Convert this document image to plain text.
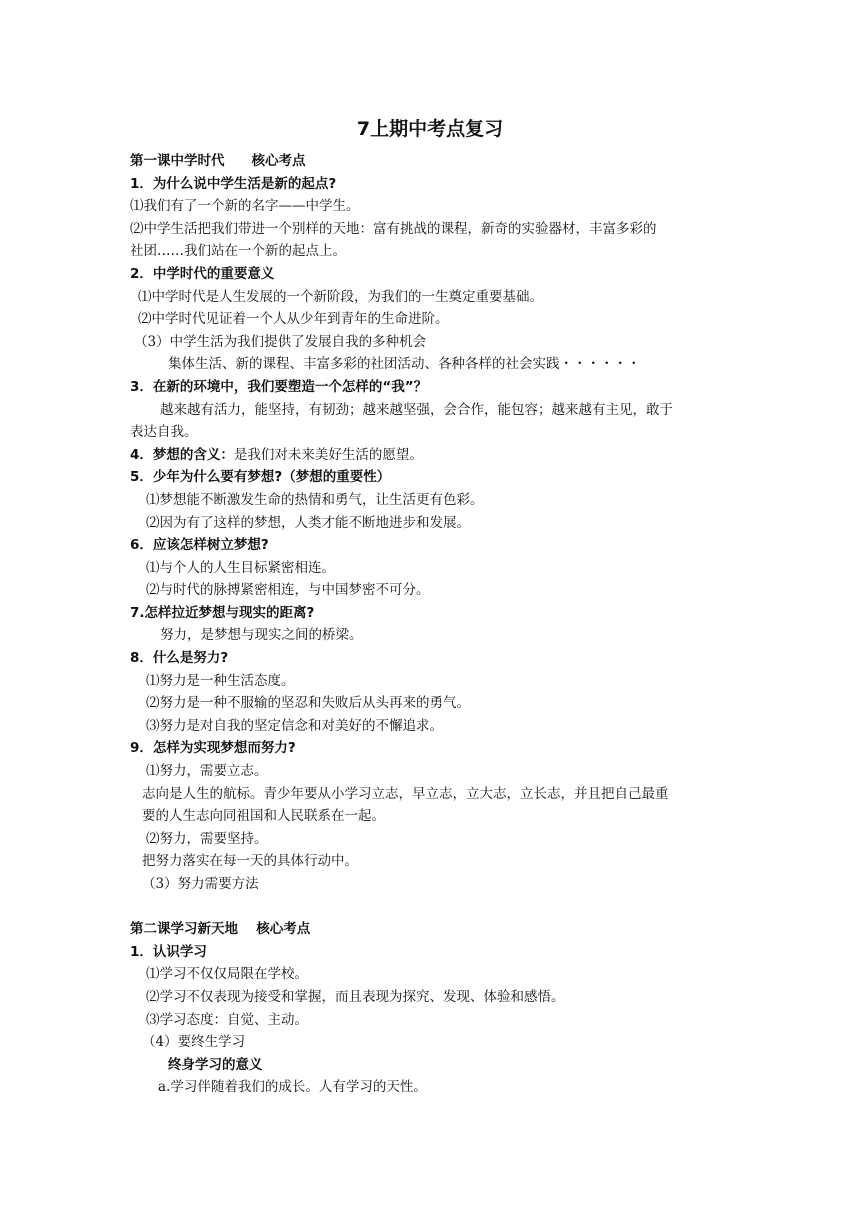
7上期中考点复习
第一课中学时代　　核心考点
1．为什么说中学生活是新的起点?
⑴我们有了一个新的名字——中学生。
⑵中学生活把我们带进一个别样的天地：富有挑战的课程，新奇的实验器材，丰富多彩的
社团……我们站在一个新的起点上。
2．中学时代的重要意义
⑴中学时代是人生发展的一个新阶段，为我们的一生奠定重要基础。
⑵中学时代见证着一个人从少年到青年的生命进阶。
（3）中学生活为我们提供了发展自我的多种机会
集体生活、新的课程、丰富多彩的社团活动、各种各样的社会实践・・・・・・
3．在新的环境中，我们要塑造一个怎样的“我”？
越来越有活力，能坚持，有韧劲；越来越坚强，会合作，能包容；越来越有主见，敢于
表达自我。
4．梦想的含义：是我们对未来美好生活的愿望。
5．少年为什么要有梦想?（梦想的重要性）
⑴梦想能不断激发生命的热情和勇气，让生活更有色彩。
⑵因为有了这样的梦想，人类才能不断地进步和发展。
6．应该怎样树立梦想?
⑴与个人的人生目标紧密相连。
⑵与时代的脉搏紧密相连，与中国梦密不可分。
7.怎样拉近梦想与现实的距离?
努力，是梦想与现实之间的桥梁。
8．什么是努力?
⑴努力是一种生活态度。
⑵努力是一种不服输的坚忍和失败后从头再来的勇气。
⑶努力是对自我的坚定信念和对美好的不懈追求。
9．怎样为实现梦想而努力?
⑴努力，需要立志。
志向是人生的航标。青少年要从小学习立志，早立志，立大志，立长志，并且把自己最重
要的人生志向同祖国和人民联系在一起。
⑵努力，需要坚持。
把努力落实在每一天的具体行动中。
（3）努力需要方法
第二课学习新天地　 核心考点
1．认识学习
⑴学习不仅仅局限在学校。
⑵学习不仅表现为接受和掌握，而且表现为探究、发现、体验和感悟。
⑶学习态度：自觉、主动。
（4）要终生学习
终身学习的意义
a.学习伴随着我们的成长。人有学习的天性。
